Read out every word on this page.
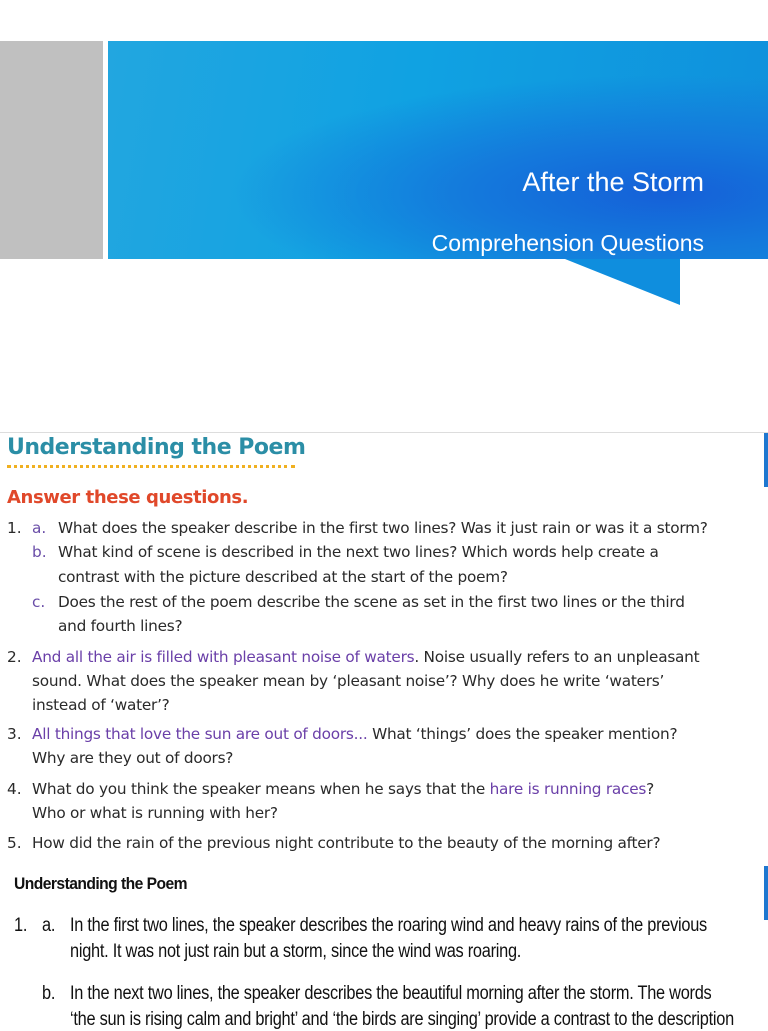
After the Storm
Comprehension Questions
Understanding the Poem
Answer these questions.
1. a. What does the speaker describe in the first two lines? Was it just rain or was it a storm?
b. What kind of scene is described in the next two lines? Which words help create a
contrast with the picture described at the start of the poem?
c. Does the rest of the poem describe the scene as set in the first two lines or the third
and fourth lines?
2. And all the air is filled with pleasant noise of waters. Noise usually refers to an unpleasant
sound. What does the speaker mean by ‘pleasant noise’? Why does he write ‘waters’
instead of ‘water’?
3. All things that love the sun are out of doors... What ‘things’ does the speaker mention?
Why are they out of doors?
4. What do you think the speaker means when he says that the hare is running races?
Who or what is running with her?
5. How did the rain of the previous night contribute to the beauty of the morning after?
Understanding the Poem
1. a. In the first two lines, the speaker describes the roaring wind and heavy rains of the previous
night. It was not just rain but a storm, since the wind was roaring.
b. In the next two lines, the speaker describes the beautiful morning after the storm. The words
‘the sun is rising calm and bright’ and ‘the birds are singing’ provide a contrast to the description
